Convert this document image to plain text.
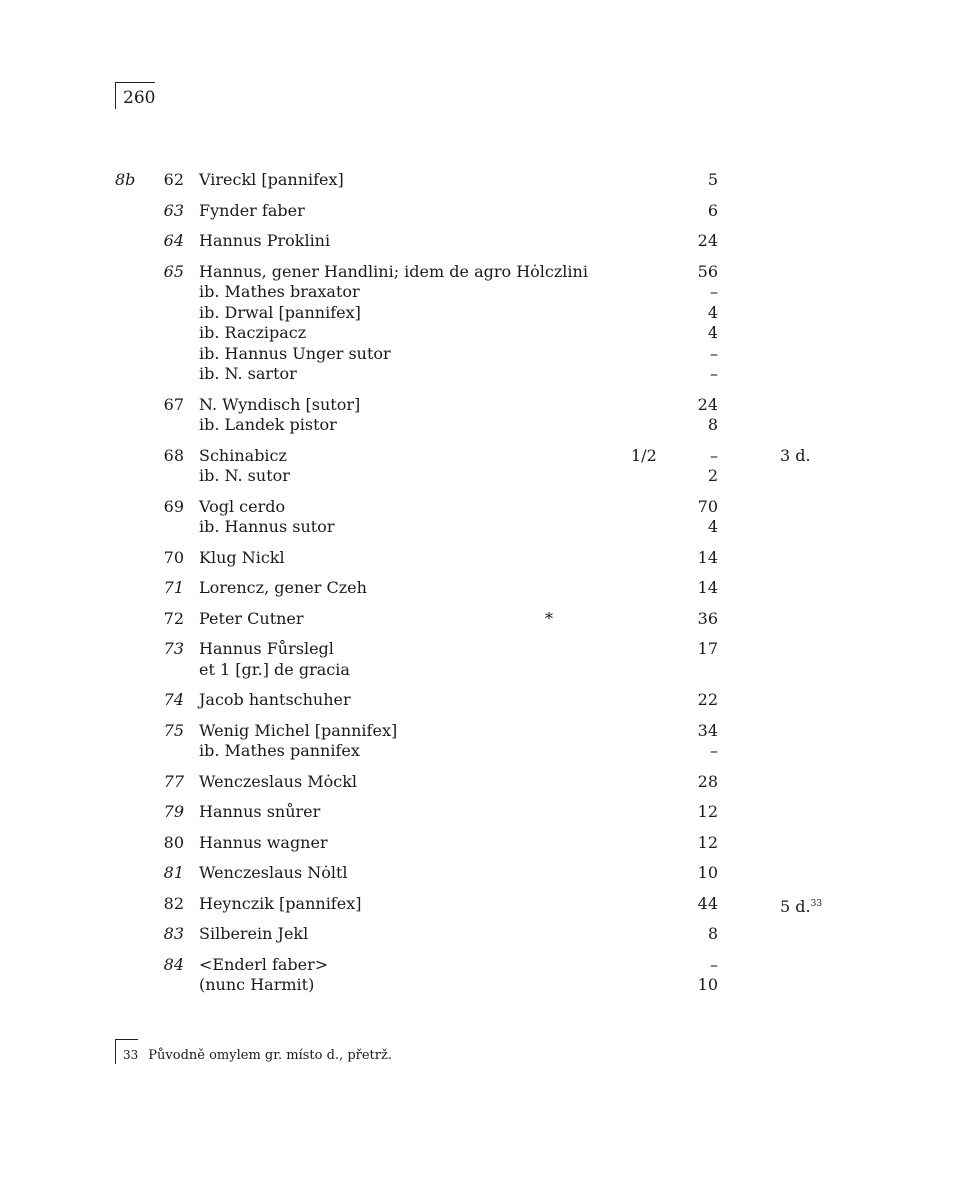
260
8b	62 Vireckl [pannifex]	5
63 Fynder faber	6
64 Hannus Proklini	24
65 Hannus, gener Handlini; idem de agro Hȯlczlini	56
ib. Mathes braxator	–
ib. Drwal [pannifex]	4
ib. Raczipacz	4
ib. Hannus Unger sutor	–
ib. N. sartor	–
67 N. Wyndisch [sutor]	24
ib. Landek pistor	8
68 Schinabicz	1/2	–	3 d.
ib. N. sutor	2
69 Vogl cerdo	70
ib. Hannus sutor	4
70 Klug Nickl	14
71 Lorencz, gener Czeh	14
72 Peter Cutner	*	36
73 Hannus Fůrslegl	17
et 1 [gr.] de gracia
74 Jacob hantschuher	22
75 Wenig Michel [pannifex]	34
ib. Mathes pannifex	–
77 Wenczeslaus Mȯckl	28
79 Hannus snůrer	12
80 Hannus wagner	12
81 Wenczeslaus Nȯltl	10
82 Heynczik [pannifex]	44	5 d.$^{33}$
83 Silberein Jekl	8
84 <Enderl faber>	–
(nunc Harmit)	10
33 Původně omylem gr. místo d., přetrž.
